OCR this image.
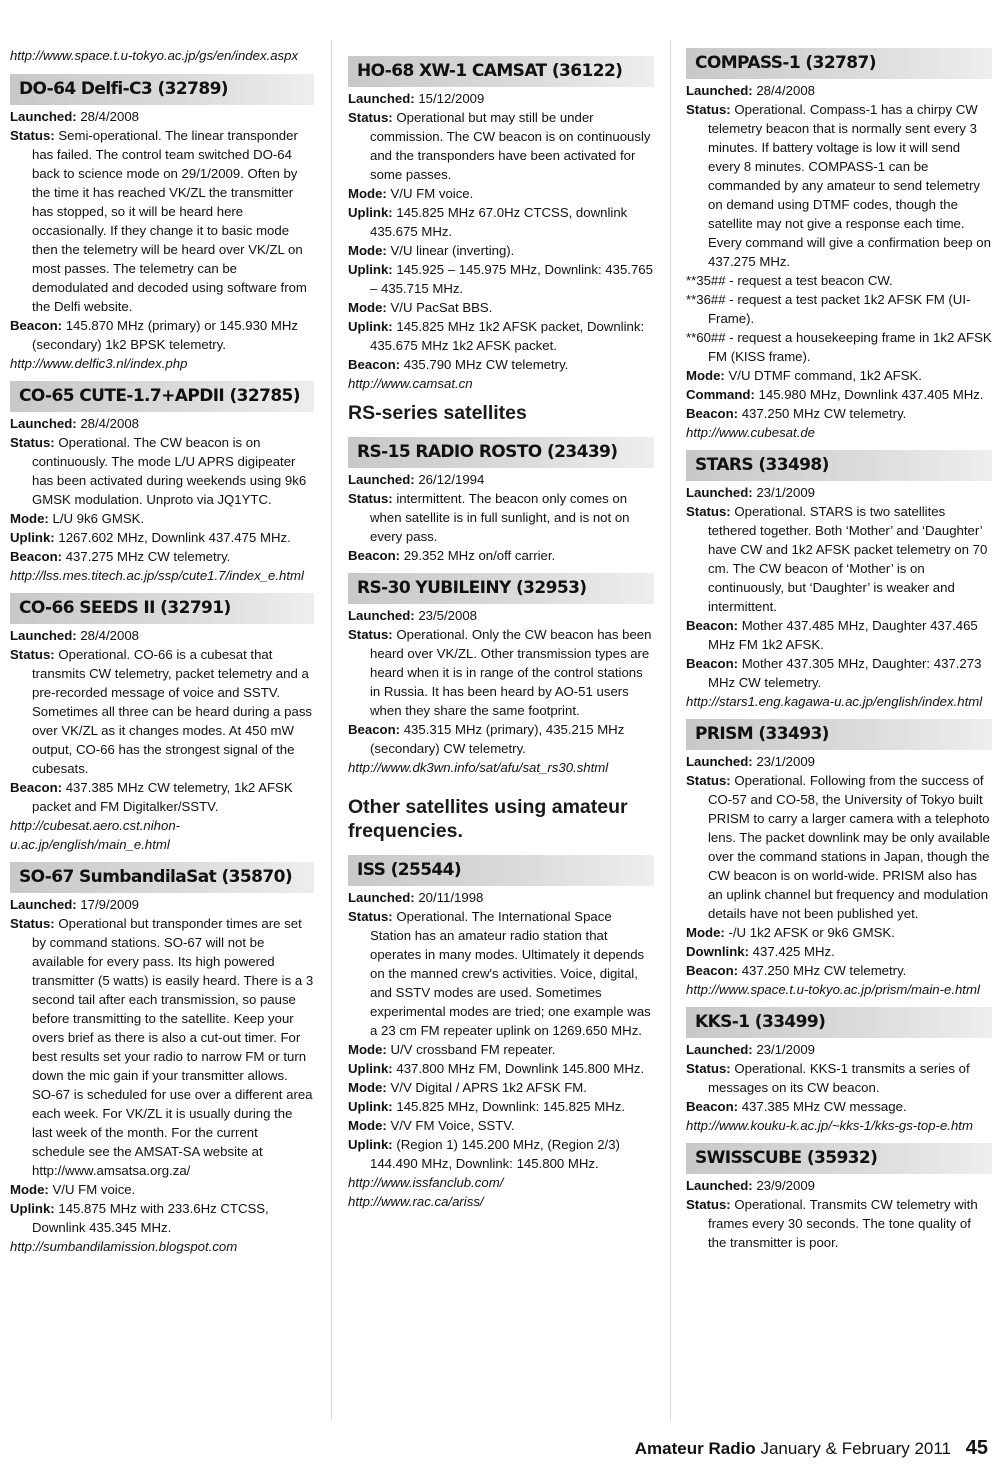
http://www.space.t.u-tokyo.ac.jp/gs/en/index.aspx
DO-64 Delfi-C3 (32789)
Launched: 28/4/2008
Status: Semi-operational. The linear transponder has failed. The control team switched DO-64 back to science mode on 29/1/2009. Often by the time it has reached VK/ZL the transmitter has stopped, so it will be heard here occasionally. If they change it to basic mode then the telemetry will be heard over VK/ZL on most passes. The telemetry can be demodulated and decoded using software from the Delfi website.
Beacon: 145.870 MHz (primary) or 145.930 MHz (secondary) 1k2 BPSK telemetry.
http://www.delfic3.nl/index.php
CO-65 CUTE-1.7+APDII (32785)
Launched: 28/4/2008
Status: Operational. The CW beacon is on continuously. The mode L/U APRS digipeater has been activated during weekends using 9k6 GMSK modulation. Unproto via JQ1YTC.
Mode: L/U 9k6 GMSK.
Uplink: 1267.602 MHz, Downlink 437.475 MHz.
Beacon: 437.275 MHz CW telemetry.
http://lss.mes.titech.ac.jp/ssp/cute1.7/index_e.html
CO-66 SEEDS II (32791)
Launched: 28/4/2008
Status: Operational. CO-66 is a cubesat that transmits CW telemetry, packet telemetry and a pre-recorded message of voice and SSTV. Sometimes all three can be heard during a pass over VK/ZL as it changes modes. At 450 mW output, CO-66 has the strongest signal of the cubesats.
Beacon: 437.385 MHz CW telemetry, 1k2 AFSK packet and FM Digitalker/SSTV.
http://cubesat.aero.cst.nihon-u.ac.jp/english/main_e.html
SO-67 SumbandilaSat (35870)
Launched: 17/9/2009
Status: Operational but transponder times are set by command stations. SO-67 will not be available for every pass. Its high powered transmitter (5 watts) is easily heard. There is a 3 second tail after each transmission, so pause before transmitting to the satellite. Keep your overs brief as there is also a cut-out timer. For best results set your radio to narrow FM or turn down the mic gain if your transmitter allows. SO-67 is scheduled for use over a different area each week. For VK/ZL it is usually during the last week of the month. For the current schedule see the AMSAT-SA website at http://www.amsatsa.org.za/
Mode: V/U FM voice.
Uplink: 145.875 MHz with 233.6Hz CTCSS, Downlink 435.345 MHz.
http://sumbandilamission.blogspot.com
HO-68 XW-1 CAMSAT (36122)
Launched: 15/12/2009
Status: Operational but may still be under commission. The CW beacon is on continuously and the transponders have been activated for some passes.
Mode: V/U FM voice.
Uplink: 145.825 MHz 67.0Hz CTCSS, downlink 435.675 MHz.
Mode: V/U linear (inverting).
Uplink: 145.925 – 145.975 MHz, Downlink: 435.765 – 435.715 MHz.
Mode: V/U PacSat BBS.
Uplink: 145.825 MHz 1k2 AFSK packet, Downlink: 435.675 MHz 1k2 AFSK packet.
Beacon: 435.790 MHz CW telemetry.
http://www.camsat.cn
RS-series satellites
RS-15 RADIO ROSTO (23439)
Launched: 26/12/1994
Status: intermittent. The beacon only comes on when satellite is in full sunlight, and is not on every pass.
Beacon: 29.352 MHz on/off carrier.
RS-30 YUBILEINY (32953)
Launched: 23/5/2008
Status: Operational. Only the CW beacon has been heard over VK/ZL. Other transmission types are heard when it is in range of the control stations in Russia. It has been heard by AO-51 users when they share the same footprint.
Beacon: 435.315 MHz (primary), 435.215 MHz (secondary) CW telemetry.
http://www.dk3wn.info/sat/afu/sat_rs30.shtml
Other satellites using amateur frequencies.
ISS (25544)
Launched: 20/11/1998
Status: Operational. The International Space Station has an amateur radio station that operates in many modes. Ultimately it depends on the manned crew's activities. Voice, digital, and SSTV modes are used. Sometimes experimental modes are tried; one example was a 23 cm FM repeater uplink on 1269.650 MHz.
Mode: U/V crossband FM repeater.
Uplink: 437.800 MHz FM, Downlink 145.800 MHz.
Mode: V/V Digital / APRS 1k2 AFSK FM.
Uplink: 145.825 MHz, Downlink: 145.825 MHz.
Mode: V/V FM Voice, SSTV.
Uplink: (Region 1) 145.200 MHz, (Region 2/3) 144.490 MHz, Downlink: 145.800 MHz.
http://www.issfanclub.com/
http://www.rac.ca/ariss/
COMPASS-1 (32787)
Launched: 28/4/2008
Status: Operational. Compass-1 has a chirpy CW telemetry beacon that is normally sent every 3 minutes. If battery voltage is low it will send every 8 minutes. COMPASS-1 can be commanded by any amateur to send telemetry on demand using DTMF codes, though the satellite may not give a response each time. Every command will give a confirmation beep on 437.275 MHz.
**35## - request a test beacon CW.
**36## - request a test packet 1k2 AFSK FM (UI-Frame).
**60## - request a housekeeping frame in 1k2 AFSK FM (KISS frame).
Mode: V/U DTMF command, 1k2 AFSK.
Command: 145.980 MHz, Downlink 437.405 MHz.
Beacon: 437.250 MHz CW telemetry.
http://www.cubesat.de
STARS (33498)
Launched: 23/1/2009
Status: Operational. STARS is two satellites tethered together. Both ‘Mother’ and ‘Daughter’ have CW and 1k2 AFSK packet telemetry on 70 cm. The CW beacon of ‘Mother’ is on continuously, but ‘Daughter’ is weaker and intermittent.
Beacon: Mother 437.485 MHz, Daughter 437.465 MHz FM 1k2 AFSK.
Beacon: Mother 437.305 MHz, Daughter: 437.273 MHz CW telemetry.
http://stars1.eng.kagawa-u.ac.jp/english/index.html
PRISM (33493)
Launched: 23/1/2009
Status: Operational. Following from the success of CO-57 and CO-58, the University of Tokyo built PRISM to carry a larger camera with a telephoto lens. The packet downlink may be only available over the command stations in Japan, though the CW beacon is on world-wide. PRISM also has an uplink channel but frequency and modulation details have not been published yet.
Mode: -/U 1k2 AFSK or 9k6 GMSK.
Downlink: 437.425 MHz.
Beacon: 437.250 MHz CW telemetry.
http://www.space.t.u-tokyo.ac.jp/prism/main-e.html
KKS-1 (33499)
Launched: 23/1/2009
Status: Operational. KKS-1 transmits a series of messages on its CW beacon.
Beacon: 437.385 MHz CW message.
http://www.kouku-k.ac.jp/~kks-1/kks-gs-top-e.htm
SWISSCUBE (35932)
Launched: 23/9/2009
Status: Operational. Transmits CW telemetry with frames every 30 seconds. The tone quality of the transmitter is poor.
Amateur Radio January & February 2011 45
